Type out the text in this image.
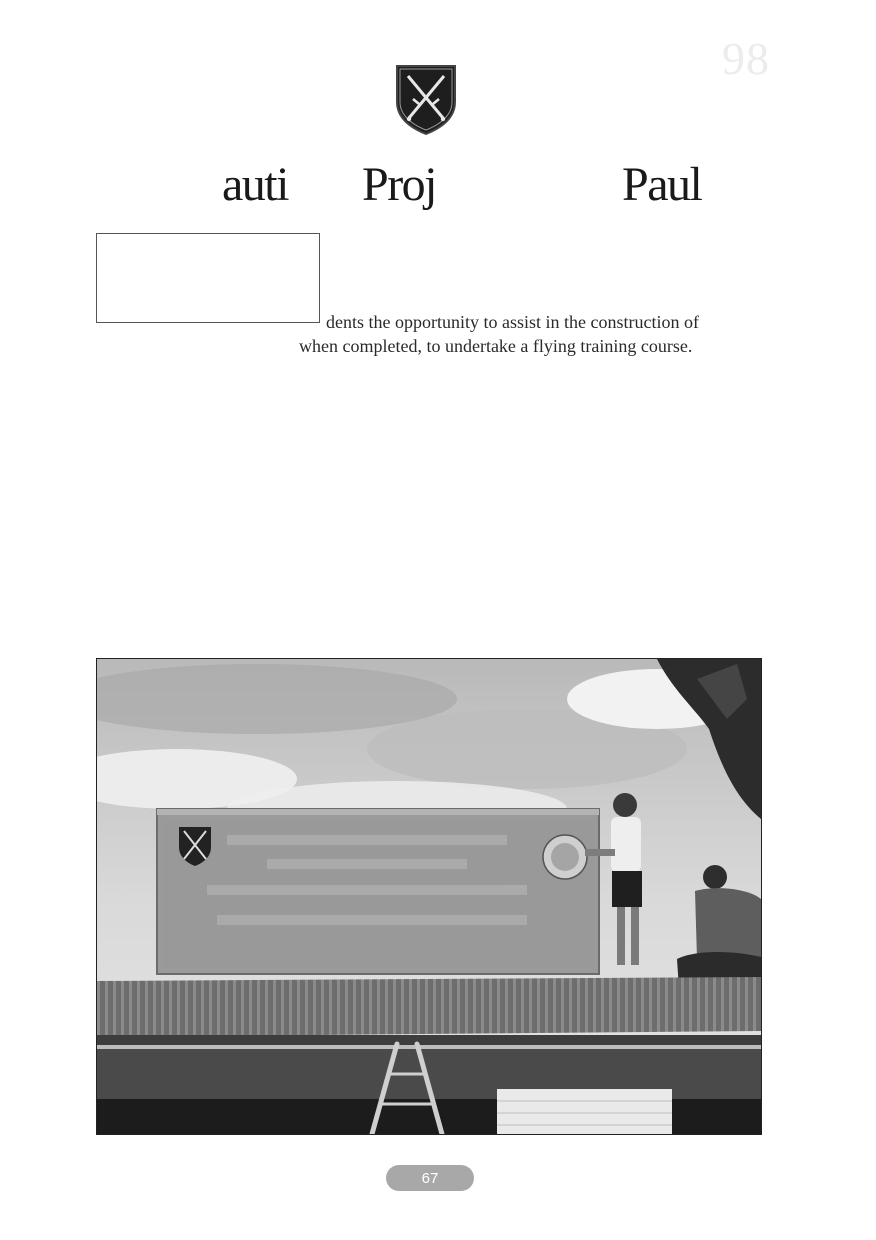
98
auti Proj	Paul
dents the opportunity to assist in the construction of
when completed, to undertake a flying training course.
67
